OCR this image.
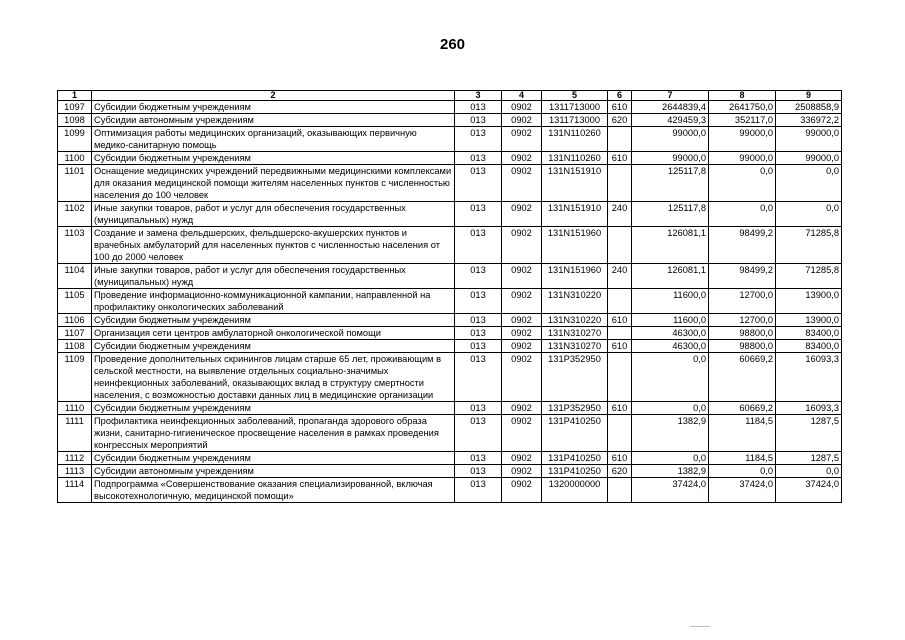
260
1	2	3	4	5	6	7	8	9
1097	Субсидии бюджетным учреждениям	013	0902	1311713000	610	2644839,4	2641750,0	2508858,9
1098	Субсидии автономным учреждениям	013	0902	1311713000	620	429459,3	352117,0	336972,2
1099	Оптимизация работы медицинских организаций, оказывающих первичную медико-санитарную помощь	013	0902	131N110260		99000,0	99000,0	99000,0
1100	Субсидии бюджетным учреждениям	013	0902	131N110260	610	99000,0	99000,0	99000,0
1101	Оснащение медицинских учреждений передвижными медицинскими комплексами для оказания медицинской помощи жителям населенных пунктов с численностью населения до 100 человек	013	0902	131N151910		125117,8	0,0	0,0
1102	Иные закупки товаров, работ и услуг для обеспечения государственных (муниципальных) нужд	013	0902	131N151910	240	125117,8	0,0	0,0
1103	Создание и замена фельдшерских, фельдшерско-акушерских пунктов и врачебных амбулаторий для населенных пунктов с численностью населения от 100 до 2000 человек	013	0902	131N151960		126081,1	98499,2	71285,8
1104	Иные закупки товаров, работ и услуг для обеспечения государственных (муниципальных) нужд	013	0902	131N151960	240	126081,1	98499,2	71285,8
1105	Проведение информационно-коммуникационной кампании, направленной на профилактику онкологических заболеваний	013	0902	131N310220		11600,0	12700,0	13900,0
1106	Субсидии бюджетным учреждениям	013	0902	131N310220	610	11600,0	12700,0	13900,0
1107	Организация сети центров амбулаторной онкологической помощи	013	0902	131N310270		46300,0	98800,0	83400,0
1108	Субсидии бюджетным учреждениям	013	0902	131N310270	610	46300,0	98800,0	83400,0
1109	Проведение дополнительных скринингов лицам старше 65 лет, проживающим в сельской местности, на выявление отдельных социально-значимых неинфекционных заболеваний, оказывающих вклад в структуру смертности населения, с возможностью доставки данных лиц в медицинские организации	013	0902	131P352950		0,0	60669,2	16093,3
1110	Субсидии бюджетным учреждениям	013	0902	131P352950	610	0,0	60669,2	16093,3
1111	Профилактика неинфекционных заболеваний, пропаганда здорового образа жизни, санитарно-гигиеническое просвещение населения в рамках проведения конгрессных мероприятий	013	0902	131P410250		1382,9	1184,5	1287,5
1112	Субсидии бюджетным учреждениям	013	0902	131P410250	610	0,0	1184,5	1287,5
1113	Субсидии автономным учреждениям	013	0902	131P410250	620	1382,9	0,0	0,0
1114	Подпрограмма «Совершенствование оказания специализированной, включая высокотехнологичную, медицинской помощи»	013	0902	1320000000		37424,0	37424,0	37424,0
